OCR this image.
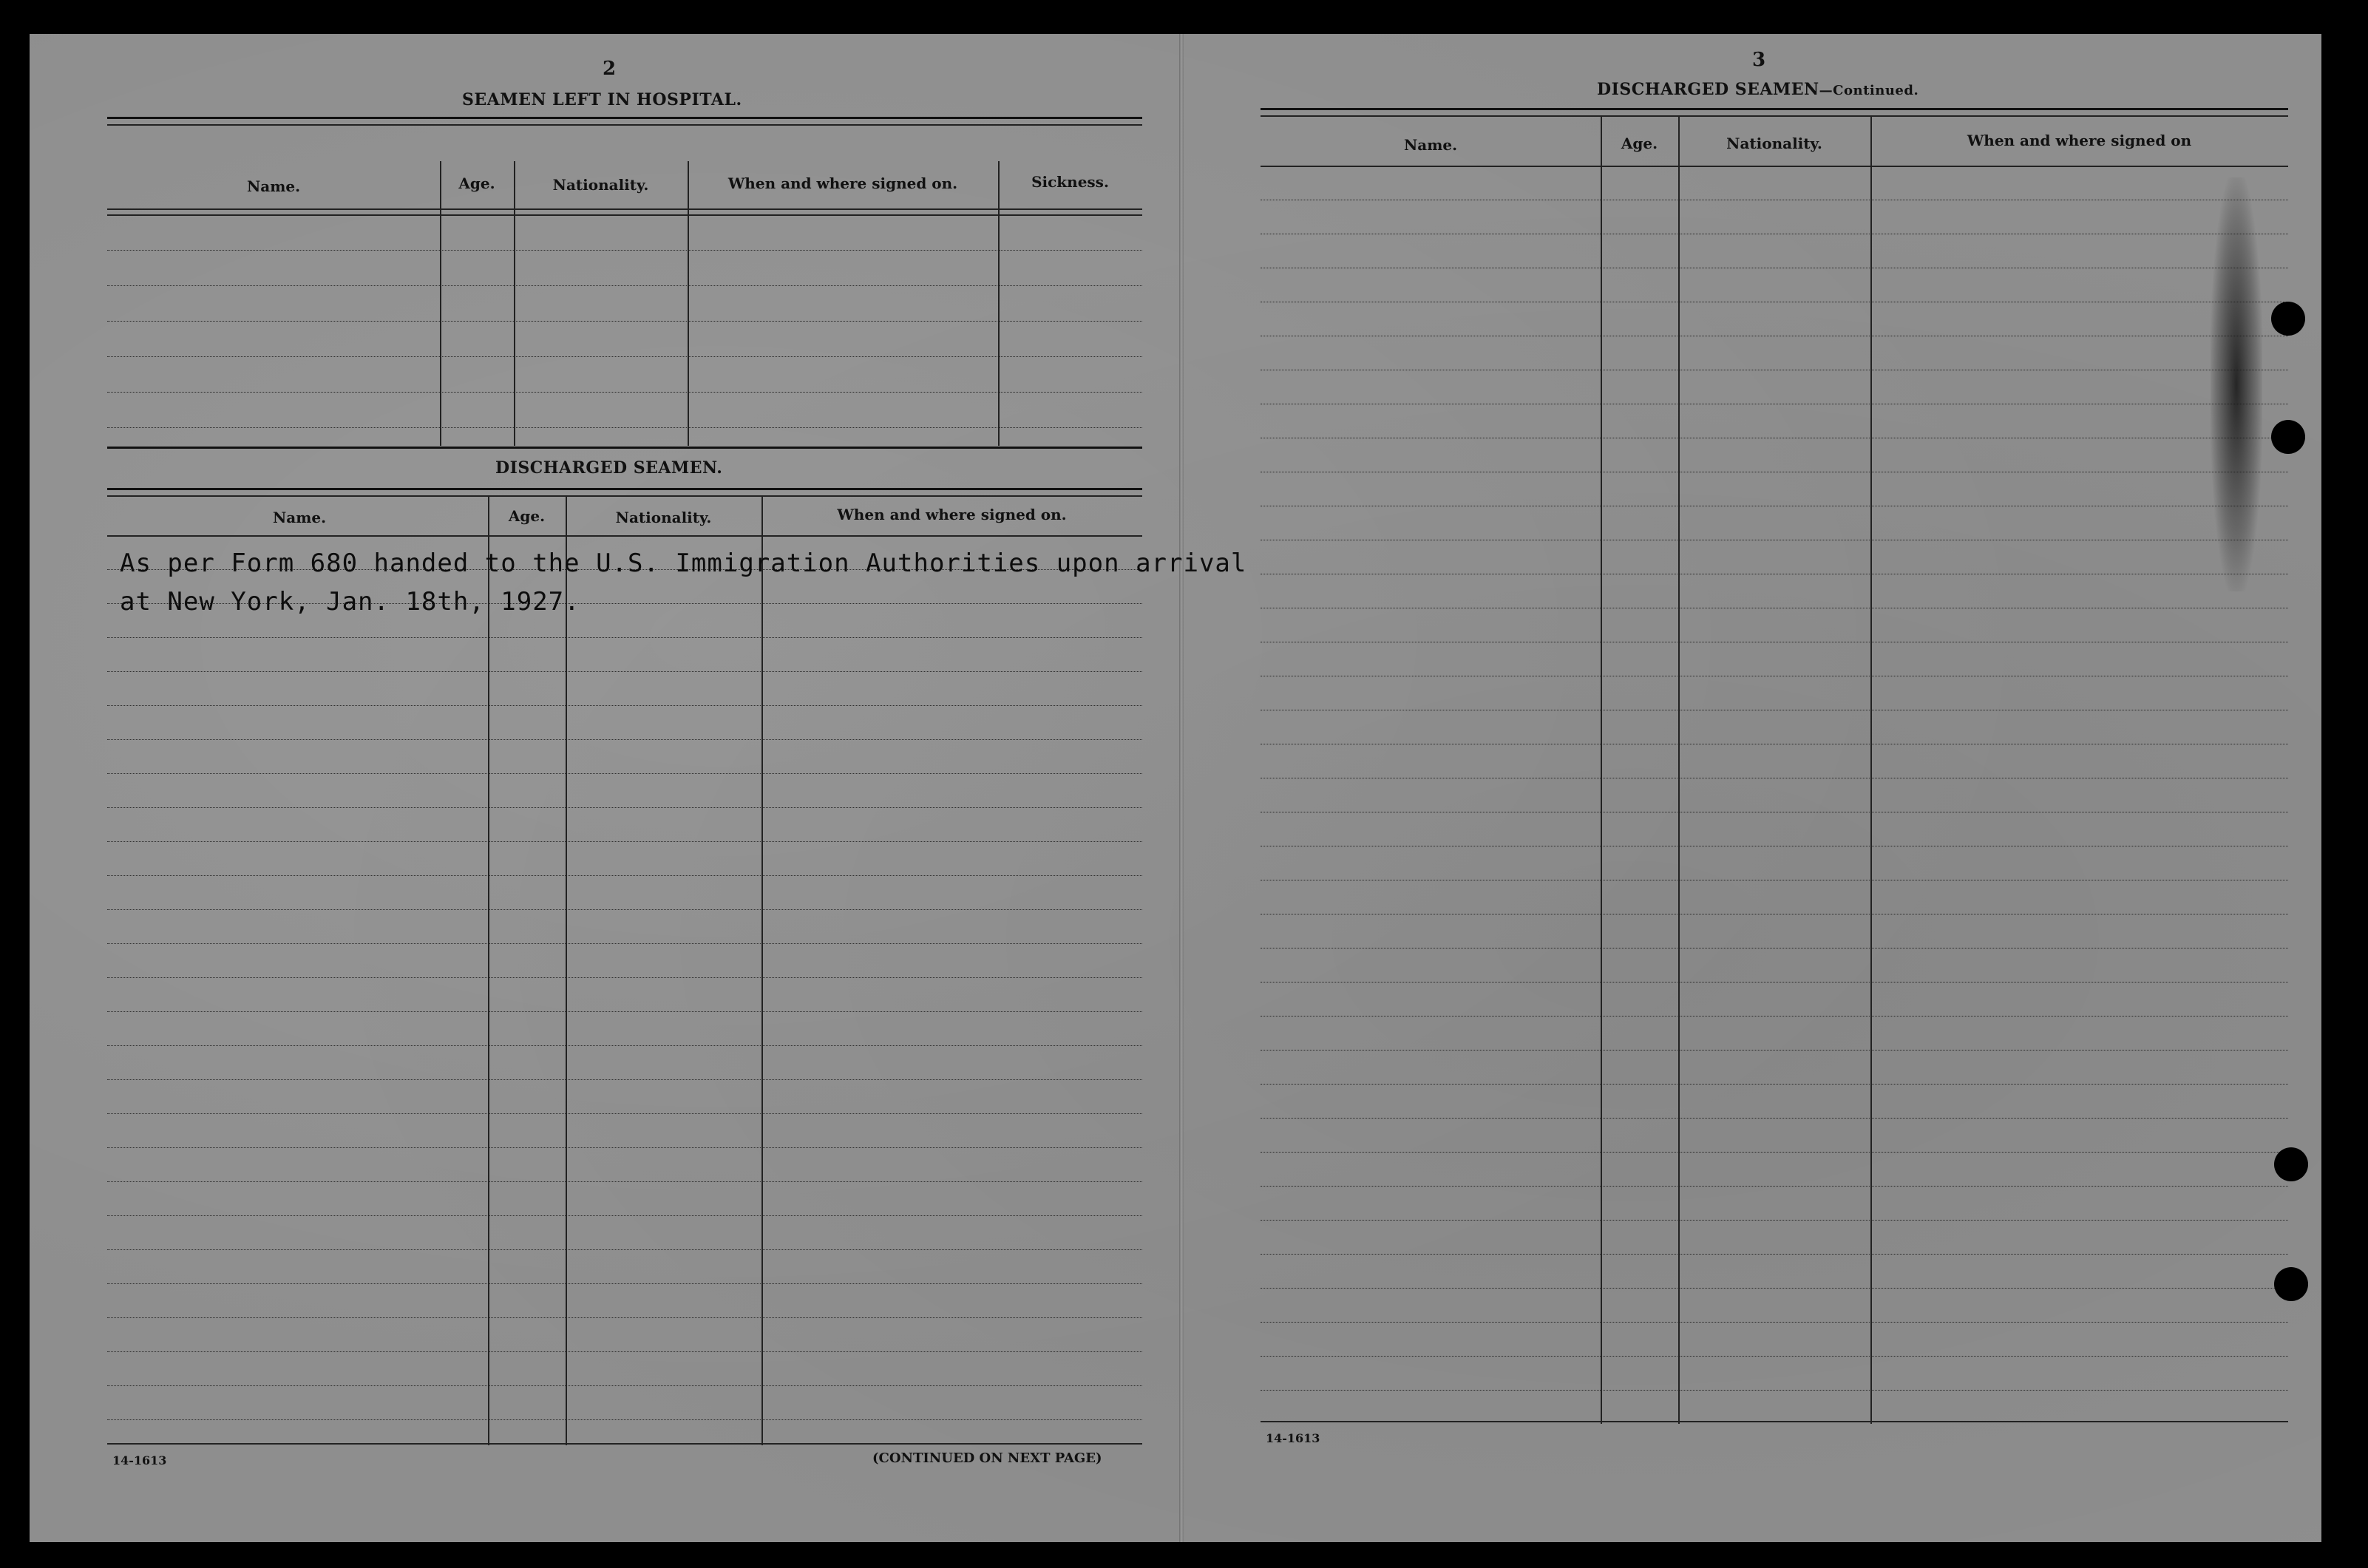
2
SEAMEN LEFT IN HOSPITAL.
Name.	Age.	Nationality.	When and where signed on.	Sickness.
DISCHARGED SEAMEN.
Name.	Age.	Nationality.	When and where signed on.
As per Form 680 handed to the U.S. Immigration Authorities upon arrival
at New York, Jan. 18th, 1927.
14-1613	(CONTINUED ON NEXT PAGE)
3
DISCHARGED SEAMEN—Continued.
Name.	Age.	Nationality.	When and where signed on
14-1613
